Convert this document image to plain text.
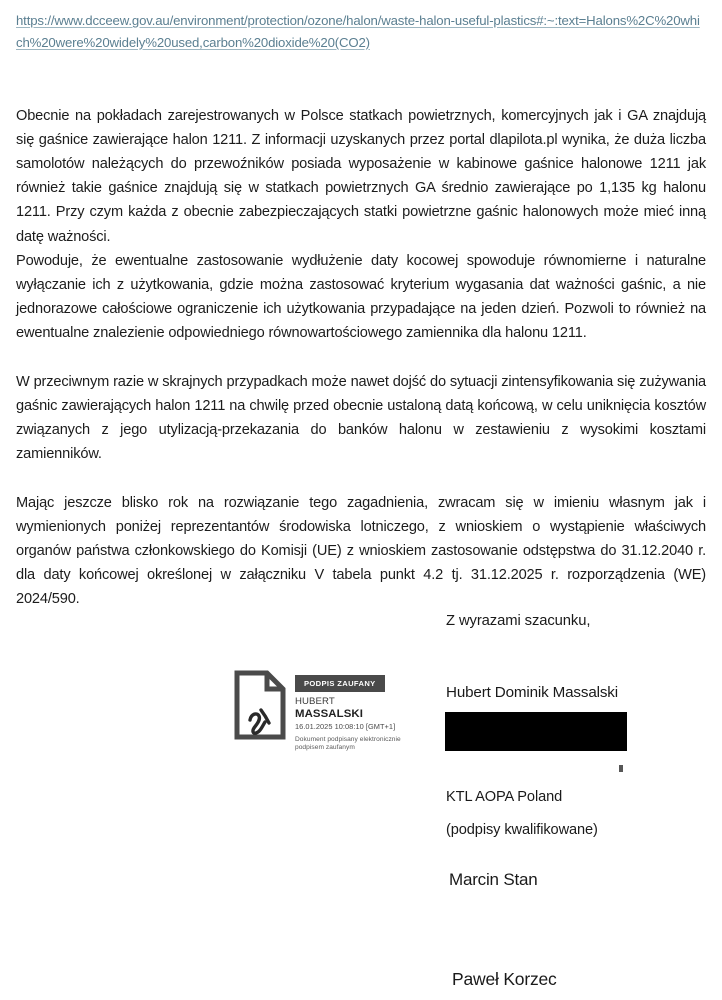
https://www.dcceew.gov.au/environment/protection/ozone/halon/waste-halon-useful-plastics#:~:text=Halons%2C%20which%20were%20widely%20used,carbon%20dioxide%20(CO2)

Obecnie na pokładach zarejestrowanych w Polsce statkach powietrznych, komercyjnych jak i GA znajdują się gaśnice zawierające halon 1211. Z informacji uzyskanych przez portal dlapilota.pl wynika, że duża liczba samolotów należących do przewoźników posiada wyposażenie w kabinowe gaśnice halonowe 1211 jak również takie gaśnice znajdują się w statkach powietrznych GA średnio zawierające po 1,135 kg halonu 1211. Przy czym każda z obecnie zabezpieczających statki powietrzne gaśnic halonowych może mieć inną datę ważności.

Powoduje, że ewentualne zastosowanie wydłużenie daty kocowej spowoduje równomierne i naturalne wyłączanie ich z użytkowania, gdzie można zastosować kryterium wygasania dat ważności gaśnic, a nie jednorazowe całościowe ograniczenie ich użytkowania przypadające na jeden dzień. Pozwoli to również na ewentualne znalezienie odpowiedniego równowartościowego zamiennika dla halonu 1211.

W przeciwnym razie w skrajnych przypadkach może nawet dojść do sytuacji zintensyfikowania się zużywania gaśnic zawierających halon 1211 na chwilę przed obecnie ustaloną datą końcową, w celu uniknięcia kosztów związanych z jego utylizacją-przekazania do banków halonu w zestawieniu z wysokimi kosztami zamienników.

Mając jeszcze blisko rok na rozwiązanie tego zagadnienia, zwracam się w imieniu własnym jak i wymienionych poniżej reprezentantów środowiska lotniczego, z wnioskiem o wystąpienie właściwych organów państwa członkowskiego do Komisji (UE) z wnioskiem zastosowanie odstępstwa do 31.12.2040 r. dla daty końcowej określonej w załączniku V tabela punkt 4.2 tj. 31.12.2025 r. rozporządzenia (WE) 2024/590.

Z wyrazami szacunku,
Hubert Dominik Massalski
KTL AOPA Poland
(podpisy kwalifikowane)
Marcin Stan
Paweł Korzec
PODPIS ZAUFANY
HUBERT
MASSALSKI
16.01.2025 10:08:10 [GMT+1]
Dokument podpisany elektronicznie
podpisem zaufanym
